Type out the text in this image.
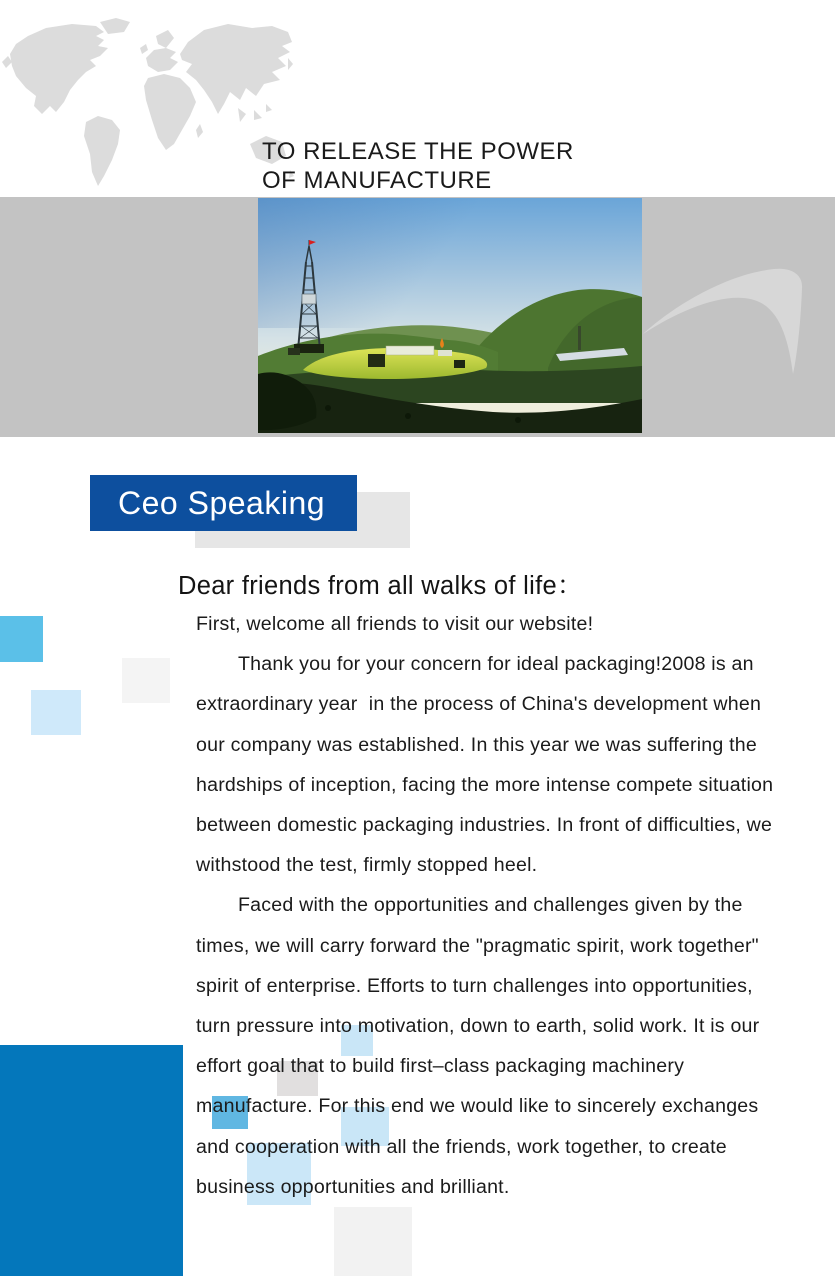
TO RELEASE THE POWER
OF MANUFACTURE
Ceo Speaking
Dear friends from all walks of life：
First, welcome all friends to visit our website!
Thank you for your concern for ideal packaging!2008 is an
extraordinary year  in the process of China's development when
our company was established. In this year we was suffering the
hardships of inception, facing the more intense compete situation
between domestic packaging industries. In front of difficulties, we
withstood the test, firmly stopped heel.
Faced with the opportunities and challenges given by the
times, we will carry forward the "pragmatic spirit, work together"
spirit of enterprise. Efforts to turn challenges into opportunities,
turn pressure into motivation, down to earth, solid work. It is our
effort goal that to build first–class packaging machinery
manufacture. For this end we would like to sincerely exchanges
and cooperation with all the friends, work together, to create
business opportunities and brilliant.
